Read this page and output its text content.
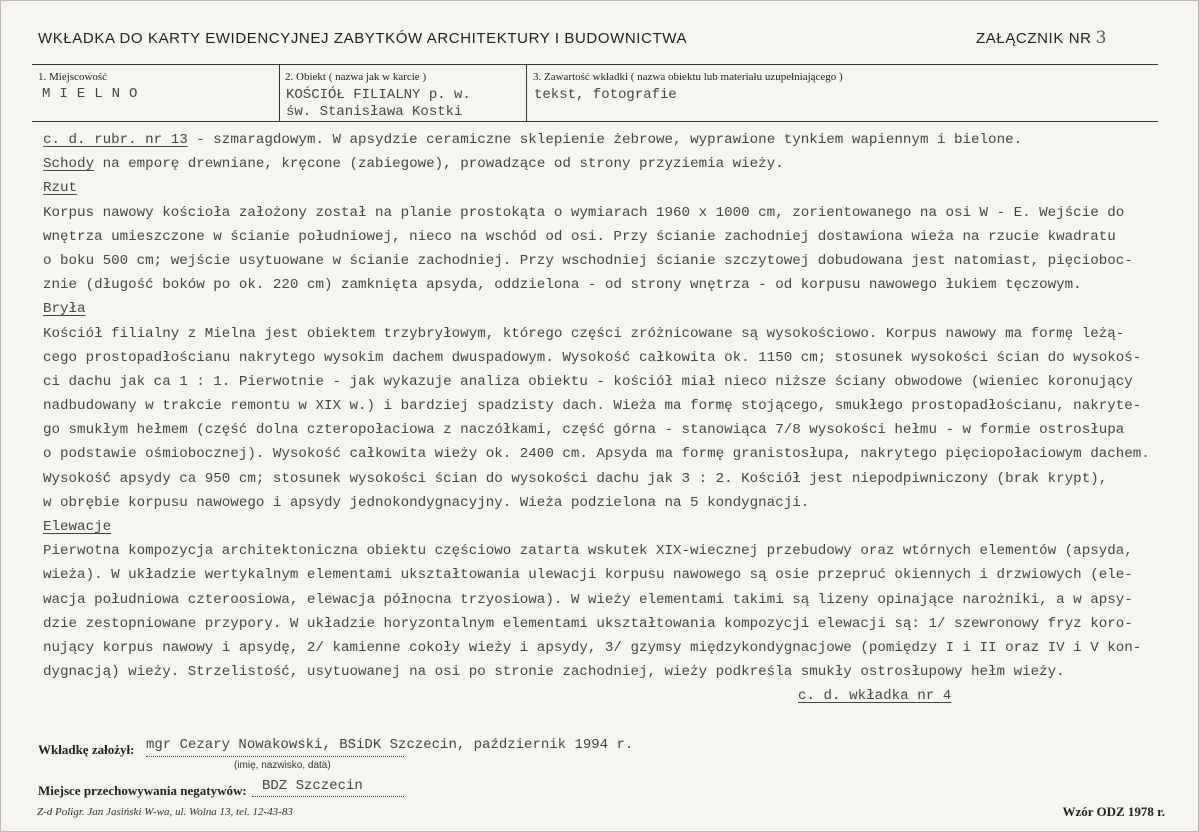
WKŁADKA DO KARTY EWIDENCYJNEJ ZABYTKÓW ARCHITEKTURY I BUDOWNICTWA	ZAŁĄCZNIK NR 3
1. Miejscowość
MIELNO
2. Obiekt ( nazwa jak w karcie )
KOŚCIÓŁ FILIALNY p. w.
św. Stanisława Kostki
3. Zawartość wkładki ( nazwa obiektu lub materiału uzupełniającego )
tekst, fotografie
c. d. rubr. nr 13 - szmaragdowym. W apsydzie ceramiczne sklepienie żebrowe, wyprawione tynkiem wapiennym i bielone.
Schody na emporę drewniane, kręcone (zabiegowe), prowadzące od strony przyziemia wieży.
Rzut
Korpus nawowy kościoła założony został na planie prostokąta o wymiarach 1960 x 1000 cm, zorientowanego na osi W - E. Wejście do
wnętrza umieszczone w ścianie południowej, nieco na wschód od osi. Przy ścianie zachodniej dostawiona wieża na rzucie kwadratu
o boku 500 cm; wejście usytuowane w ścianie zachodniej. Przy wschodniej ścianie szczytowej dobudowana jest natomiast, pięcioboc-
znie (długość boków po ok. 220 cm) zamknięta apsyda, oddzielona - od strony wnętrza - od korpusu nawowego łukiem tęczowym.
Bryła
Kościół filialny z Mielna jest obiektem trzybryłowym, którego części zróżnicowane są wysokościowo. Korpus nawowy ma formę leżą-
cego prostopadłościanu nakrytego wysokim dachem dwuspadowym. Wysokość całkowita ok. 1150 cm; stosunek wysokości ścian do wysokoś-
ci dachu jak ca 1 : 1. Pierwotnie - jak wykazuje analiza obiektu - kościół miał nieco niższe ściany obwodowe (wieniec koronujący
nadbudowany w trakcie remontu w XIX w.) i bardziej spadzisty dach. Wieża ma formę stojącego, smukłego prostopadłościanu, nakryte-
go smukłym hełmem (część dolna czteropołaciowa z naczółkami, część górna - stanowiąca 7/8 wysokości hełmu - w formie ostrosłupa
o podstawie ośmiobocznej). Wysokość całkowita wieży ok. 2400 cm. Apsyda ma formę granistosłupa, nakrytego pięciopołaciowym dachem.
Wysokość apsydy ca 950 cm; stosunek wysokości ścian do wysokości dachu jak 3 : 2. Kościół jest niepodpiwniczony (brak krypt),
w obrębie korpusu nawowego i apsydy jednokondygnacyjny. Wieża podzielona na 5 kondygnacji.
Elewacje
Pierwotna kompozycja architektoniczna obiektu częściowo zatarta wskutek XIX-wiecznej przebudowy oraz wtórnych elementów (apsyda,
wieża). W układzie wertykalnym elementami ukształtowania ulewacji korpusu nawowego są osie przepruć okiennych i drzwiowych (ele-
wacja południowa czteroosiowa, elewacja północna trzyosiowa). W wieży elementami takimi są lizeny opinające narożniki, a w apsy-
dzie zestopniowane przypory. W układzie horyzontalnym elementami ukształtowania kompozycji elewacji są: 1/ szewronowy fryz koro-
nujący korpus nawowy i apsydę, 2/ kamienne cokoły wieży i apsydy, 3/ gzymsy międzykondygnacjowe (pomiędzy I i II oraz IV i V kon-
dygnacją) wieży. Strzelistość, usytuowanej na osi po stronie zachodniej, wieży podkreśla smukły ostrosłupowy hełm wieży.
c. d. wkładka nr 4
Wkładkę założył: mgr Cezary Nowakowski, BSiDK Szczecin, październik 1994 r.
(imię, nazwisko, data)
Miejsce przechowywania negatywów: BDZ Szczecin
Z-d Poligr. Jan Jasiński W-wa, ul. Wolna 13, tel. 12-43-83	Wzór ODZ 1978 r.
